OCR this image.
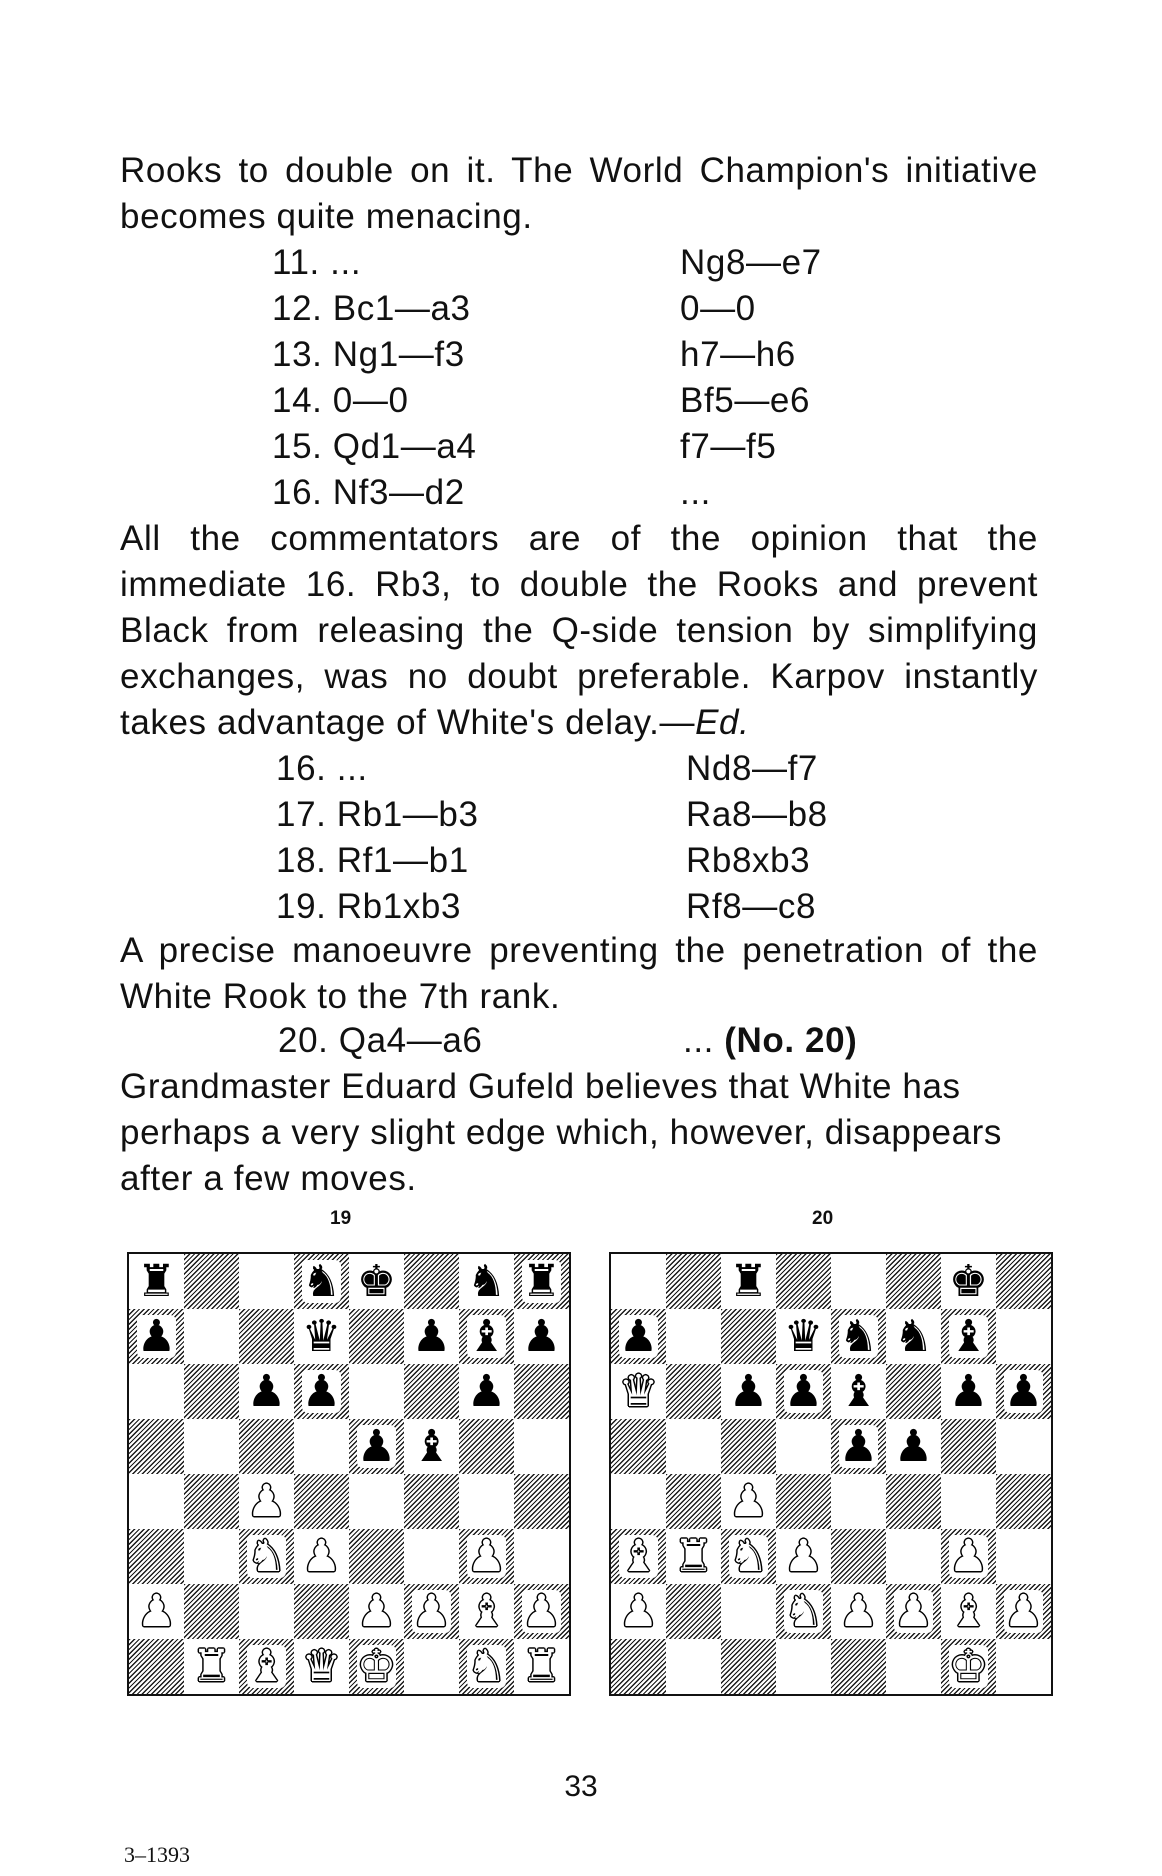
Rooks to double on it. The World Champion's initiative becomes quite menacing.
11. ...	Ng8—e7
12. Bc1—a3	0—0
13. Ng1—f3	h7—h6
14. 0—0	Bf5—e6
15. Qd1—a4	f7—f5
16. Nf3—d2	...
All the commentators are of the opinion that the immediate 16. Rb3, to double the Rooks and prevent Black from releasing the Q-side tension by simplifying exchanges, was no doubt preferable. Karpov instantly takes advantage of White's delay.—Ed.
16. ...	Nd8—f7
17. Rb1—b3	Ra8—b8
18. Rf1—b1	Rb8xb3
19. Rb1xb3	Rf8—c8
A precise manoeuvre preventing the penetration of the White Rook to the 7th rank.
20. Qa4—a6	... (No. 20)
Grandmaster Eduard Gufeld believes that White has perhaps a very slight edge which, however, disappears after a few moves.
19	20
♜	♞ ♚ ♞ ♜
♟	♛ ♟ ♝ ♟
♟ ♟	♟
♟ ♝
♟
♞ ♟	♟
♟	♟ ♟ ♝ ♟
♜ ♝ ♛ ♚ ♞ ♜
♜	♚
♟	♛ ♞ ♞ ♝
♛ ♟ ♟ ♝ ♟ ♟
♟ ♟
♟
♝ ♜ ♞ ♟	♟
♟	♞ ♟ ♟ ♝ ♟
♚
33
3–1393
